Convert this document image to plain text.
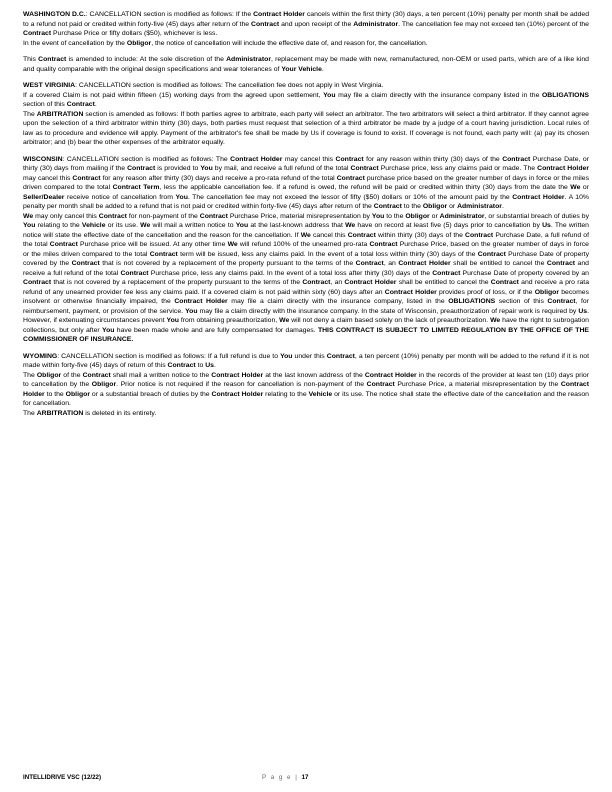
WASHINGTON D.C.: CANCELLATION section is modified as follows: If the Contract Holder cancels within the first thirty (30) days, a ten percent (10%) penalty per month shall be added to a refund not paid or credited within forty-five (45) days after return of the Contract and upon receipt of the Administrator. The cancellation fee may not exceed ten (10%) percent of the Contract Purchase Price or fifty dollars ($50), whichever is less.

In the event of cancellation by the Obligor, the notice of cancellation will include the effective date of, and reason for, the cancellation.

This Contract is amended to include: At the sole discretion of the Administrator, replacement may be made with new, remanufactured, non-OEM or used parts, which are of a like kind and quality comparable with the original design specifications and wear tolerances of Your Vehicle.

WEST VIRGINIA: CANCELLATION section is modified as follows: The cancellation fee does not apply in West Virginia.

If a covered Claim is not paid within fifteen (15) working days from the agreed upon settlement, You may file a claim directly with the insurance company listed in the OBLIGATIONS section of this Contract.

The ARBITRATION section is amended as follows: If both parties agree to arbitrate, each party will select an arbitrator. The two arbitrators will select a third arbitrator. If they cannot agree upon the selection of a third arbitrator within thirty (30) days, both parties must request that selection of a third arbitrator be made by a judge of a court having jurisdiction. Local rules of law as to procedure and evidence will apply. Payment of the arbitrator's fee shall be made by Us if coverage is found to exist. If coverage is not found, each party will: (a) pay its chosen arbitrator; and (b) bear the other expenses of the arbitrator equally.

WISCONSIN: CANCELLATION section is modified as follows: The Contract Holder may cancel this Contract for any reason within thirty (30) days of the Contract Purchase Date, or thirty (30) days from mailing if the Contract is provided to You by mail, and receive a full refund of the total Contract Purchase price, less any claims paid or made. The Contract Holder may cancel this Contract for any reason after thirty (30) days and receive a pro-rata refund of the total Contract purchase price based on the greater number of days in force or the miles driven compared to the total Contract Term, less the applicable cancellation fee. If a refund is owed, the refund will be paid or credited within thirty (30) days from the date the We or Seller/Dealer receive notice of cancellation from You. The cancellation fee may not exceed the lessor of fifty ($50) dollars or 10% of the amount paid by the Contract Holder. A 10% penalty per month shall be added to a refund that is not paid or credited within forty-five (45) days after return of the Contract to the Obligor or Administrator.

We may only cancel this Contract for non-payment of the Contract Purchase Price, material misrepresentation by You to the Obligor or Administrator, or substantial breach of duties by You relating to the Vehicle or its use. We will mail a written notice to You at the last-known address that We have on record at least five (5) days prior to cancellation by Us. The written notice will state the effective date of the cancellation and the reason for the cancellation. If We cancel this Contract within thirty (30) days of the Contract Purchase Date, a full refund of the total Contract Purchase price will be issued. At any other time We will refund 100% of the unearned pro-rata Contract Purchase Price, based on the greater number of days in force or the miles driven compared to the total Contract term will be issued, less any claims paid. In the event of a total loss within thirty (30) days of the Contract Purchase Date of property covered by the Contract that is not covered by a replacement of the property pursuant to the terms of the Contract, an Contract Holder shall be entitled to cancel the Contract and receive a full refund of the total Contract Purchase price, less any claims paid. In the event of a total loss after thirty (30) days of the Contract Purchase Date of property covered by an Contract that is not covered by a replacement of the property pursuant to the terms of the Contract, an Contract Holder shall be entitled to cancel the Contract and receive a pro rata refund of any unearned provider fee less any claims paid. If a covered claim is not paid within sixty (60) days after an Contract Holder provides proof of loss, or if the Obligor becomes insolvent or otherwise financially impaired, the Contract Holder may file a claim directly with the insurance company, listed in the OBLIGATIONS section of this Contract, for reimbursement, payment, or provision of the service. You may file a claim directly with the insurance company. In the state of Wisconsin, preauthorization of repair work is required by Us. However, if extenuating circumstances prevent You from obtaining preauthorization, We will not deny a claim based solely on the lack of preauthorization. We have the right to subrogation collections, but only after You have been made whole and are fully compensated for damages. THIS CONTRACT IS SUBJECT TO LIMITED REGULATION BY THE OFFICE OF THE COMMISSIONER OF INSURANCE.

WYOMING: CANCELLATION section is modified as follows: If a full refund is due to You under this Contract, a ten percent (10%) penalty per month will be added to the refund if it is not made within forty-five (45) days of return of this Contract to Us.

The Obligor of the Contract shall mail a written notice to the Contract Holder at the last known address of the Contract Holder in the records of the provider at least ten (10) days prior to cancellation by the Obligor. Prior notice is not required if the reason for cancellation is non-payment of the Contract Purchase Price, a material misrepresentation by the Contract Holder to the Obligor or a substantial breach of duties by the Contract Holder relating to the Vehicle or its use. The notice shall state the effective date of the cancellation and the reason for cancellation.

The ARBITRATION is deleted in its entirety.

INTELLIDRIVE VSC (12/22)	P a g e | 17
